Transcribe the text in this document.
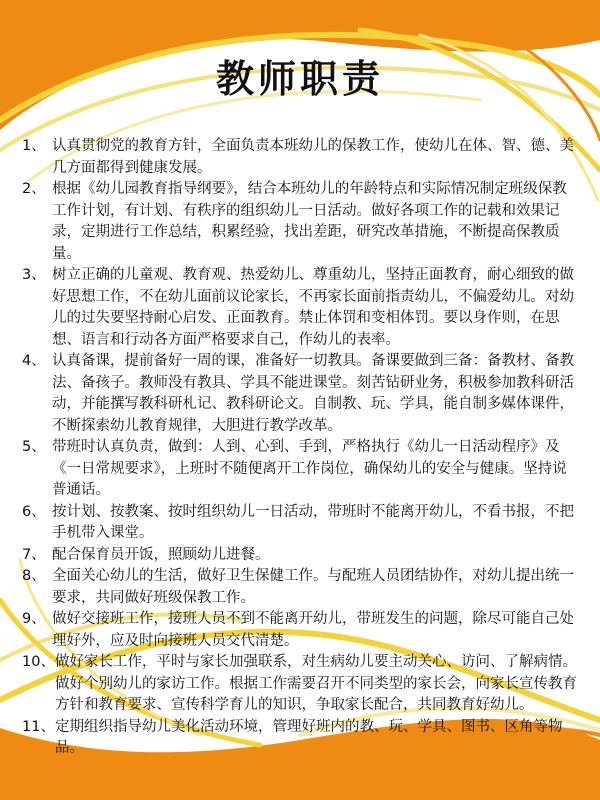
教师职责
1、 认真贯彻党的教育方针，全面负责本班幼儿的保教工作，使幼儿在体、智、德、美几方面都得到健康发展。
2、 根据《幼儿园教育指导纲要》，结合本班幼儿的年龄特点和实际情况制定班级保教工作计划，有计划、有秩序的组织幼儿一日活动。做好各项工作的记载和效果记录，定期进行工作总结，积累经验，找出差距，研究改革措施，不断提高保教质量。
3、 树立正确的儿童观、教育观、热爱幼儿、尊重幼儿，坚持正面教育，耐心细致的做好思想工作，不在幼儿面前议论家长，不再家长面前指责幼儿，不偏爱幼儿。对幼儿的过失要坚持耐心启发、正面教育。禁止体罚和变相体罚。要以身作则，在思想、语言和行动各方面严格要求自己，作幼儿的表率。
4、 认真备课，提前备好一周的课，准备好一切教具。备课要做到三备：备教材、备教法、备孩子。教师没有教具、学具不能进课堂。刻苦钻研业务，积极参加教科研活动，并能撰写教科研札记、教科研论文。自制教、玩、学具，能自制多媒体课件，不断探索幼儿教育规律，大胆进行教学改革。
5、 带班时认真负责，做到：人到、心到、手到，严格执行《幼儿一日活动程序》及《一日常规要求》，上班时不随便离开工作岗位，确保幼儿的安全与健康。坚持说普通话。
6、 按计划、按教案、按时组织幼儿一日活动，带班时不能离开幼儿，不看书报，不把手机带入课堂。
7、 配合保育员开饭，照顾幼儿进餐。
8、 全面关心幼儿的生活，做好卫生保健工作。与配班人员团结协作，对幼儿提出统一要求，共同做好班级保教工作。
9、 做好交接班工作，接班人员不到不能离开幼儿，带班发生的问题，除尽可能自己处理好外，应及时向接班人员交代清楚。
10、 做好家长工作，平时与家长加强联系，对生病幼儿要主动关心、访问、了解病情。做好个别幼儿的家访工作。根据工作需要召开不同类型的家长会，向家长宣传教育方针和教育要求、宣传科学育儿的知识，争取家长配合，共同教育好幼儿。
11、 定期组织指导幼儿美化活动环境，管理好班内的教、玩、学具、图书、区角等物品。
